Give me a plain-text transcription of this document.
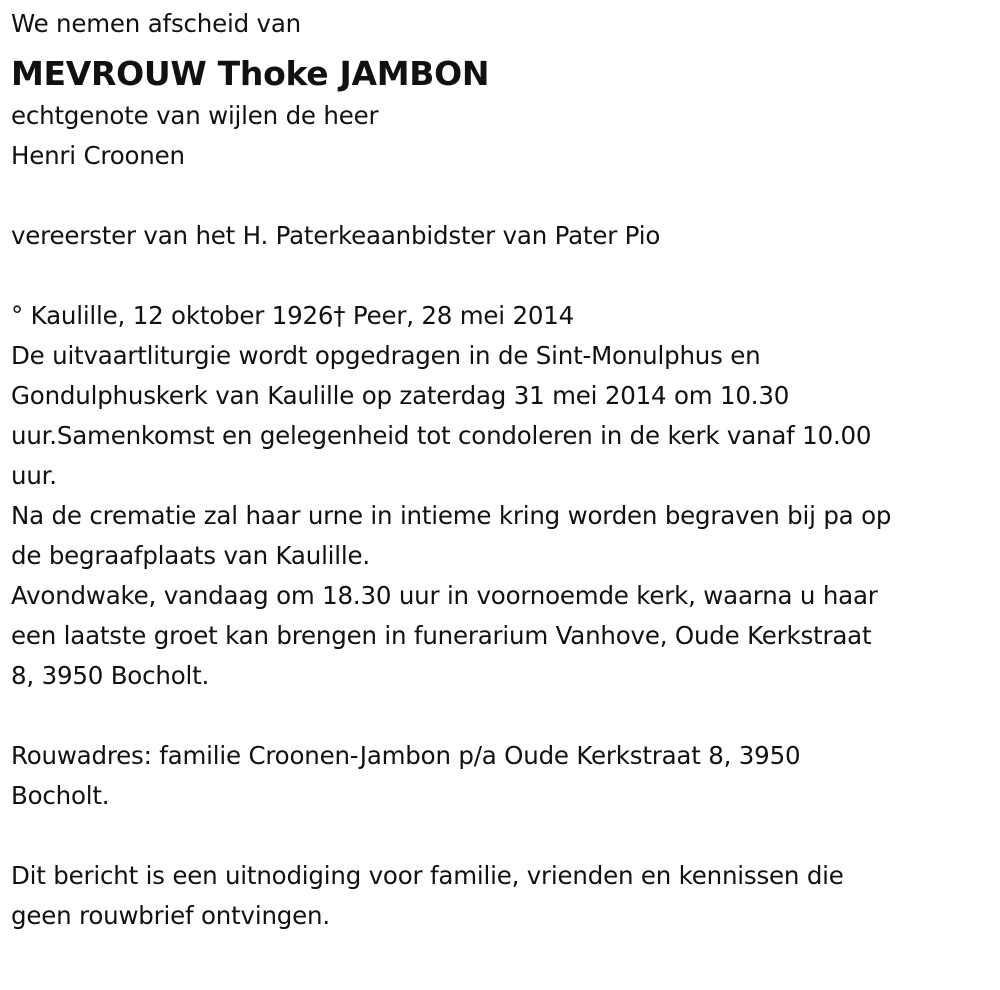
We nemen afscheid van
MEVROUW Thoke JAMBON
echtgenote van wijlen de heer
Henri Croonen
vereerster van het H. Paterkeaanbidster van Pater Pio
° Kaulille, 12 oktober 1926† Peer, 28 mei 2014
De uitvaartliturgie wordt opgedragen in de Sint-Monulphus en
Gondulphuskerk van Kaulille op zaterdag 31 mei 2014 om 10.30
uur.Samenkomst en gelegenheid tot condoleren in de kerk vanaf 10.00
uur.
Na de crematie zal haar urne in intieme kring worden begraven bij pa op
de begraafplaats van Kaulille.
Avondwake, vandaag om 18.30 uur in voornoemde kerk, waarna u haar
een laatste groet kan brengen in funerarium Vanhove, Oude Kerkstraat
8, 3950 Bocholt.
Rouwadres: familie Croonen-Jambon p/a Oude Kerkstraat 8, 3950
Bocholt.
Dit bericht is een uitnodiging voor familie, vrienden en kennissen die
geen rouwbrief ontvingen.
